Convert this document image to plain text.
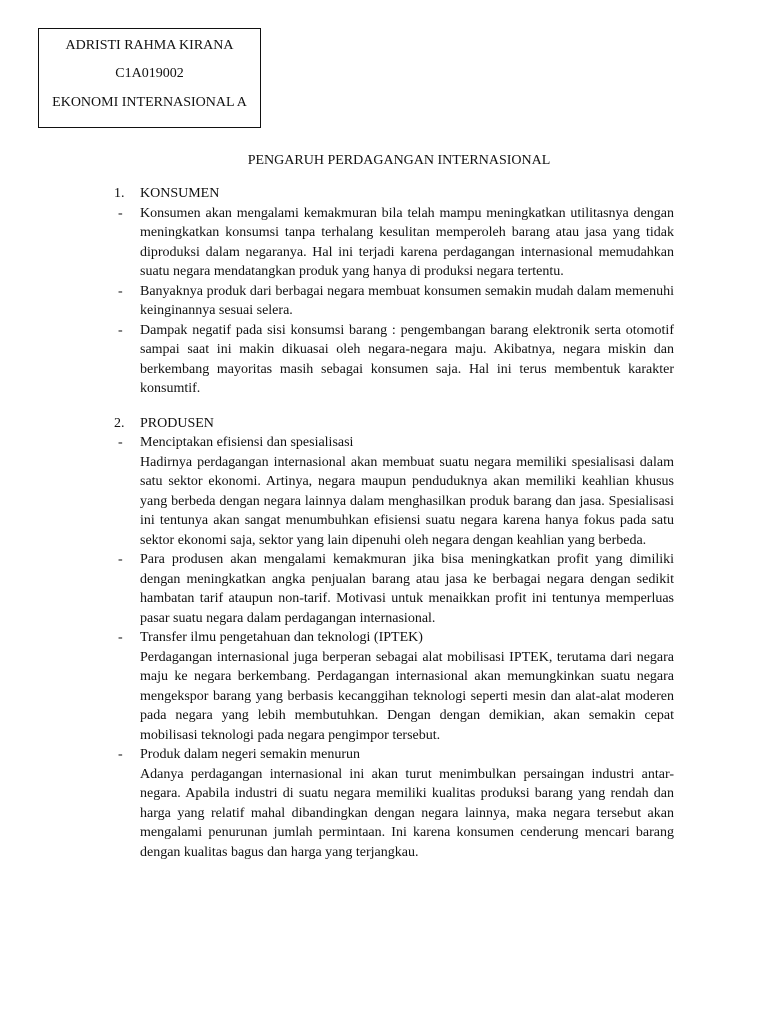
ADRISTI RAHMA KIRANA
C1A019002
EKONOMI INTERNASIONAL A
PENGARUH PERDAGANGAN INTERNASIONAL
1. KONSUMEN
- Konsumen akan mengalami kemakmuran bila telah mampu meningkatkan utilitasnya dengan meningkatkan konsumsi tanpa terhalang kesulitan memperoleh barang atau jasa yang tidak diproduksi dalam negaranya. Hal ini terjadi karena perdagangan internasional memudahkan suatu negara mendatangkan produk yang hanya di produksi negara tertentu.

- Banyaknya produk dari berbagai negara membuat konsumen semakin mudah dalam memenuhi keinginannya sesuai selera.

- Dampak negatif pada sisi konsumsi barang : pengembangan barang elektronik serta otomotif sampai saat ini makin dikuasai oleh negara-negara maju. Akibatnya, negara miskin dan berkembang mayoritas masih sebagai konsumen saja. Hal ini terus membentuk karakter konsumtif.

2. PRODUSEN
- Menciptakan efisiensi dan spesialisasi

Hadirnya perdagangan internasional akan membuat suatu negara memiliki spesialisasi dalam satu sektor ekonomi. Artinya, negara maupun penduduknya akan memiliki keahlian khusus yang berbeda dengan negara lainnya dalam menghasilkan produk barang dan jasa. Spesialisasi ini tentunya akan sangat menumbuhkan efisiensi suatu negara karena hanya fokus pada satu sektor ekonomi saja, sektor yang lain dipenuhi oleh negara dengan keahlian yang berbeda.

- Para produsen akan mengalami kemakmuran jika bisa meningkatkan profit yang dimiliki dengan meningkatkan angka penjualan barang atau jasa ke berbagai negara dengan sedikit hambatan tarif ataupun non-tarif. Motivasi untuk menaikkan profit ini tentunya memperluas pasar suatu negara dalam perdagangan internasional.

- Transfer ilmu pengetahuan dan teknologi (IPTEK)

Perdagangan internasional juga berperan sebagai alat mobilisasi IPTEK, terutama dari negara maju ke negara berkembang. Perdagangan internasional akan memungkinkan suatu negara mengekspor barang yang berbasis kecanggihan teknologi seperti mesin dan alat-alat moderen pada negara yang lebih membutuhkan. Dengan dengan demikian, akan semakin cepat mobilisasi teknologi pada negara pengimpor tersebut.

- Produk dalam negeri semakin menurun

Adanya perdagangan internasional ini akan turut menimbulkan persaingan industri antar-negara. Apabila industri di suatu negara memiliki kualitas produksi barang yang rendah dan harga yang relatif mahal dibandingkan dengan negara lainnya, maka negara tersebut akan mengalami penurunan jumlah permintaan. Ini karena konsumen cenderung mencari barang dengan kualitas bagus dan harga yang terjangkau.
